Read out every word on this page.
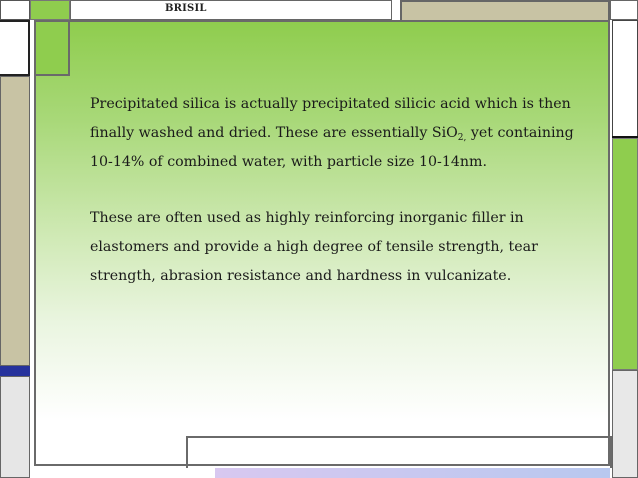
BRISIL

Precipitated silica is actually precipitated silicic acid which is then finally washed and dried. These are essentially SiO$_{2,}$ yet containing 10-14% of combined water, with particle size 10-14nm.

These are often used as highly reinforcing inorganic filler in elastomers and provide a high degree of tensile strength, tear strength, abrasion resistance and hardness in vulcanizate.
